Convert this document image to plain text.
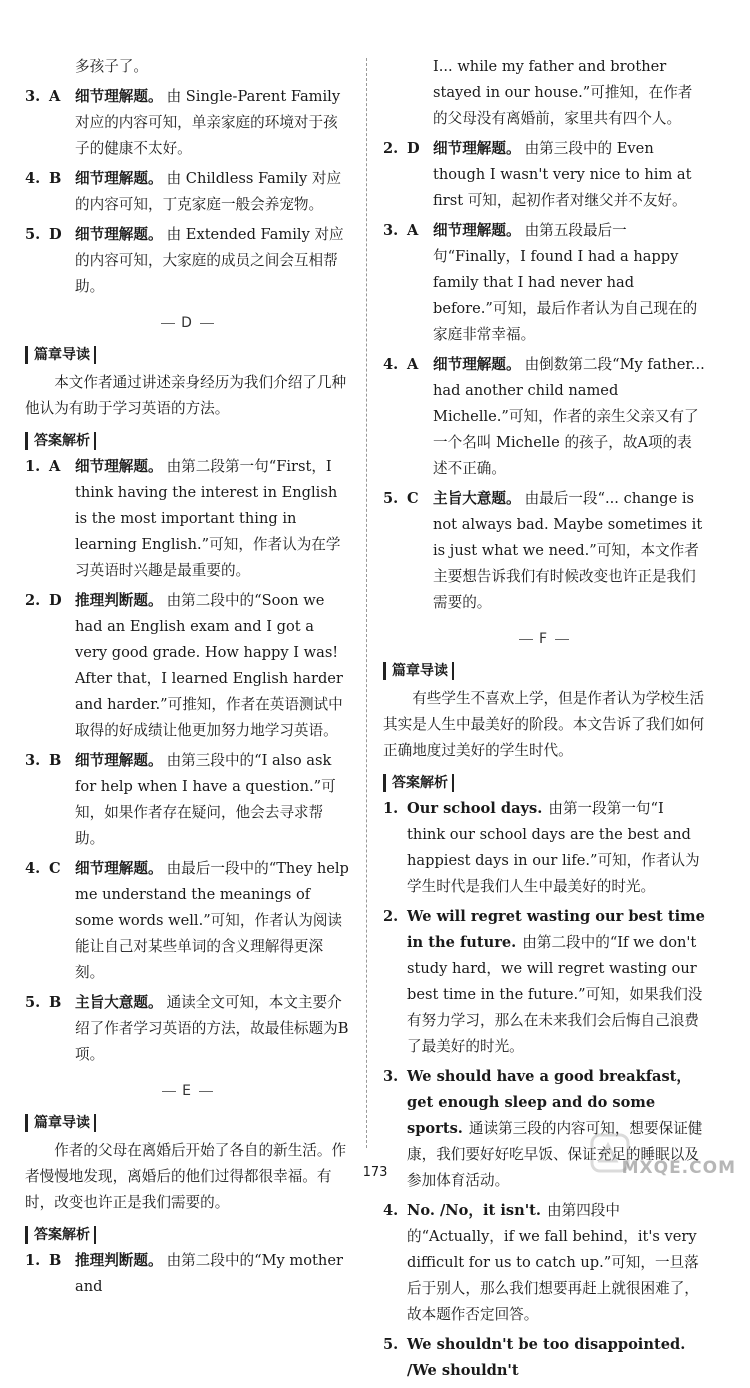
多孩子了。
3. A	细节理解题。 由 Single-Parent Family 对应的内容可知，单亲家庭的环境对于孩子的健康不太好。
4. B 细节理解题。 由 Childless Family 对应的内容可知，丁克家庭一般会养宠物。
5. D 细节理解题。 由 Extended Family 对应的内容可知，大家庭的成员之间会互相帮助。
D
篇章导读
本文作者通过讲述亲身经历为我们介绍了几种他认为有助于学习英语的方法。
答案解析
1. A	细节理解题。 由第二段第一句“First，I think having the interest in English is the most important thing in learning English.”可知，作者认为在学习英语时兴趣是最重要的。
2. D 推理判断题。 由第二段中的“Soon we had an English exam and I got a very good grade. How happy I was! After that，I learned English harder and harder.”可推知，作者在英语测试中取得的好成绩让他更加努力地学习英语。
3. B 细节理解题。 由第三段中的“I also ask for help when I have a question.”可知，如果作者存在疑问，他会去寻求帮助。
4. C 细节理解题。 由最后一段中的“They help me understand the meanings of some words well.”可知，作者认为阅读能让自己对某些单词的含义理解得更深刻。
5. B 主旨大意题。 通读全文可知，本文主要介绍了作者学习英语的方法，故最佳标题为B项。
E
篇章导读
作者的父母在离婚后开始了各自的新生活。作者慢慢地发现，离婚后的他们过得都很幸福。有时，改变也许正是我们需要的。
答案解析
1. B 推理判断题。 由第二段中的“My mother and
I... while my father and brother stayed in our house.”可推知，在作者的父母没有离婚前，家里共有四个人。
2. D 细节理解题。 由第三段中的 Even though I wasn't very nice to him at first 可知，起初作者对继父并不友好。
3. A	细节理解题。 由第五段最后一句“Finally，I found I had a happy family that I had never had before.”可知，最后作者认为自己现在的家庭非常幸福。
4. A	细节理解题。 由倒数第二段“My father... had another child named Michelle.”可知，作者的亲生父亲又有了一个名叫 Michelle 的孩子，故A项的表述不正确。
5. C 主旨大意题。 由最后一段“... change is not always bad. Maybe sometimes it is just what we need.”可知，本文作者主要想告诉我们有时候改变也许正是我们需要的。
F
篇章导读
有些学生不喜欢上学，但是作者认为学校生活其实是人生中最美好的阶段。本文告诉了我们如何正确地度过美好的学生时代。
答案解析
1. Our school days. 由第一段第一句“I think our school days are the best and happiest days in our life.”可知，作者认为学生时代是我们人生中最美好的时光。
2. We will regret wasting our best time in the future. 由第二段中的“If we don't study hard，we will regret wasting our best time in the future.”可知，如果我们没有努力学习，那么在未来我们会后悔自己浪费了最美好的时光。
3. We should have a good breakfast，get enough sleep and do some sports. 通读第三段的内容可知，想要保证健康，我们要好好吃早饭、保证充足的睡眠以及参加体育活动。
4. No. /No，it isn't. 由第四段中的“Actually，if we fall behind，it's very difficult for us to catch up.”可知，一旦落后于别人，那么我们想要再赶上就很困难了，故本题作否定回答。
5. We shouldn't be too disappointed. /We shouldn't
173	MXQE.COM
